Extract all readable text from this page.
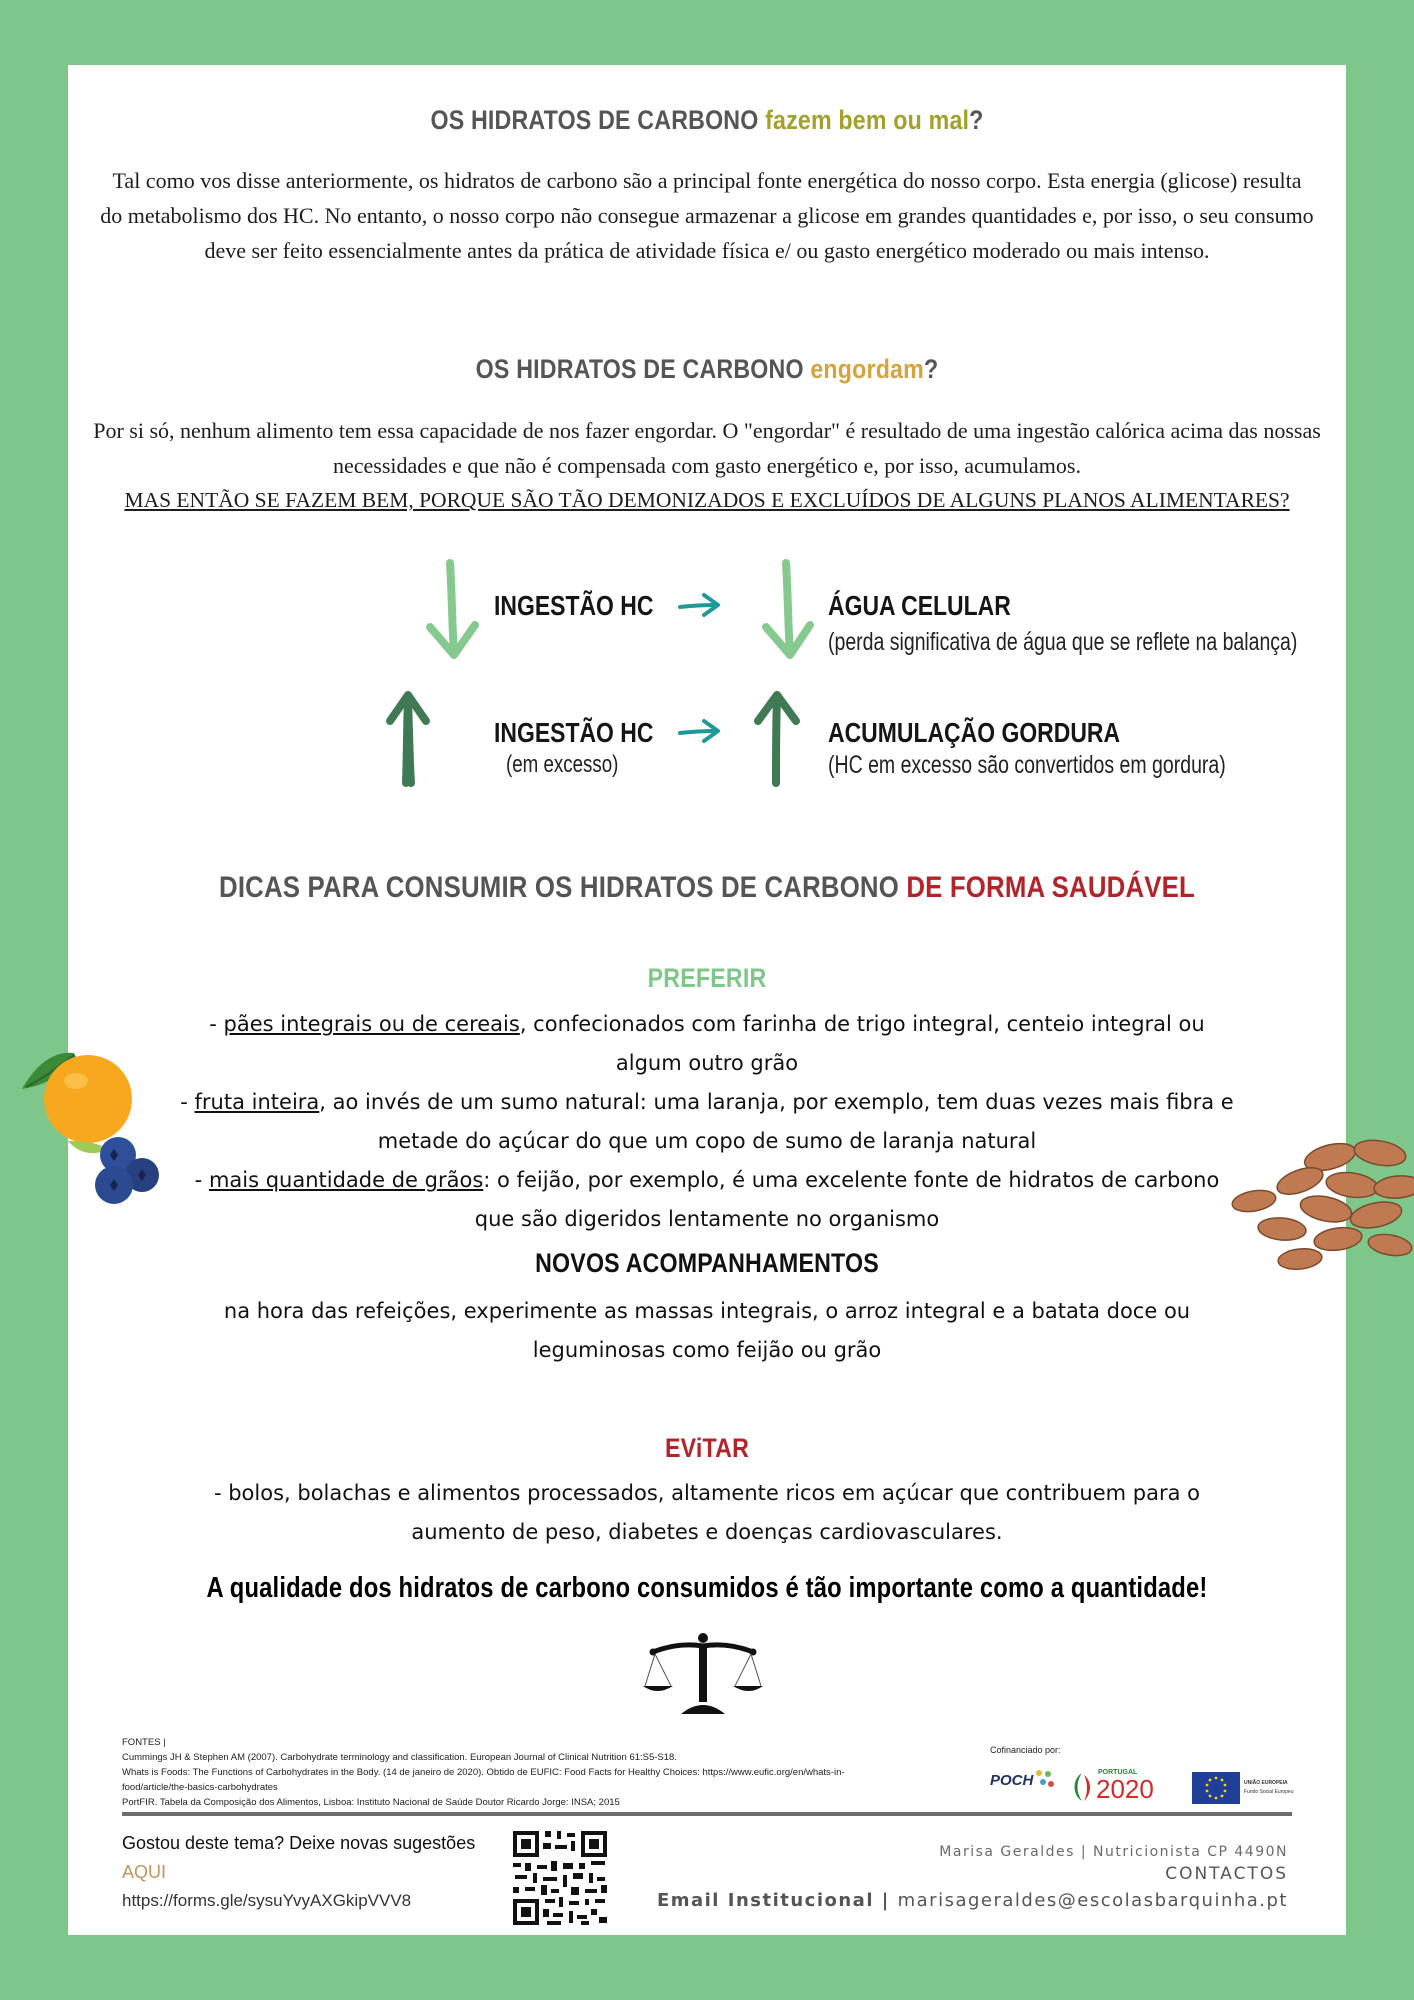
OS HIDRATOS DE CARBONO fazem bem ou mal?
Tal como vos disse anteriormente, os hidratos de carbono são a principal fonte energética do nosso corpo. Esta energia (glicose) resulta do metabolismo dos HC. No entanto, o nosso corpo não consegue armazenar a glicose em grandes quantidades e, por isso, o seu consumo deve ser feito essencialmente antes da prática de atividade física e/ ou gasto energético moderado ou mais intenso.
OS HIDRATOS DE CARBONO engordam?
Por si só, nenhum alimento tem essa capacidade de nos fazer engordar. O "engordar" é resultado de uma ingestão calórica acima das nossas necessidades e que não é compensada com gasto energético e, por isso, acumulamos.
MAS ENTÃO SE FAZEM BEM, PORQUE SÃO TÃO DEMONIZADOS E EXCLUÍDOS DE ALGUNS PLANOS ALIMENTARES?
INGESTÃO HC	ÁGUA CELULAR
(perda significativa de água que se reflete na balança)
INGESTÃO HC
(em excesso)
ACUMULAÇÃO GORDURA
(HC em excesso são convertidos em gordura)
DICAS PARA CONSUMIR OS HIDRATOS DE CARBONO DE FORMA SAUDÁVEL
PREFERIR
- pães integrais ou de cereais, confecionados com farinha de trigo integral, centeio integral ou
algum outro grão
- fruta inteira, ao invés de um sumo natural: uma laranja, por exemplo, tem duas vezes mais fibra e
metade do açúcar do que um copo de sumo de laranja natural
- mais quantidade de grãos: o feijão, por exemplo, é uma excelente fonte de hidratos de carbono
que são digeridos lentamente no organismo
NOVOS ACOMPANHAMENTOS
na hora das refeições, experimente as massas integrais, o arroz integral e a batata doce ou
leguminosas como feijão ou grão
EViTAR
- bolos, bolachas e alimentos processados, altamente ricos em açúcar que contribuem para o
aumento de peso, diabetes e doenças cardiovasculares.
A qualidade dos hidratos de carbono consumidos é tão importante como a quantidade!
FONTES |
Cummings JH & Stephen AM (2007). Carbohydrate terminology and classification. European Journal of Clinical Nutrition 61:S5-S18.
Whats is Foods: The Functions of Carbohydrates in the Body. (14 de janeiro de 2020). Obtido de EUFIC: Food Facts for Healthy Choices: https://www.eufic.org/en/whats-in-
food/article/the-basics-carbohydrates
PortFIR. Tabela da Composição dos Alimentos, Lisboa: Instituto Nacional de Saúde Doutor Ricardo Jorge: INSA; 2015
Cofinanciado por:
POCH	PORTUGAL
2020	UNIÃO EUROPEIA
Fundo Social Europeu
Gostou deste tema? Deixe novas sugestões
AQUI
https://forms.gle/sysuYvyAXGkipVVV8
Marisa Geraldes | Nutricionista CP 4490N
CONTACTOS
Email Institucional | marisageraldes@escolasbarquinha.pt
